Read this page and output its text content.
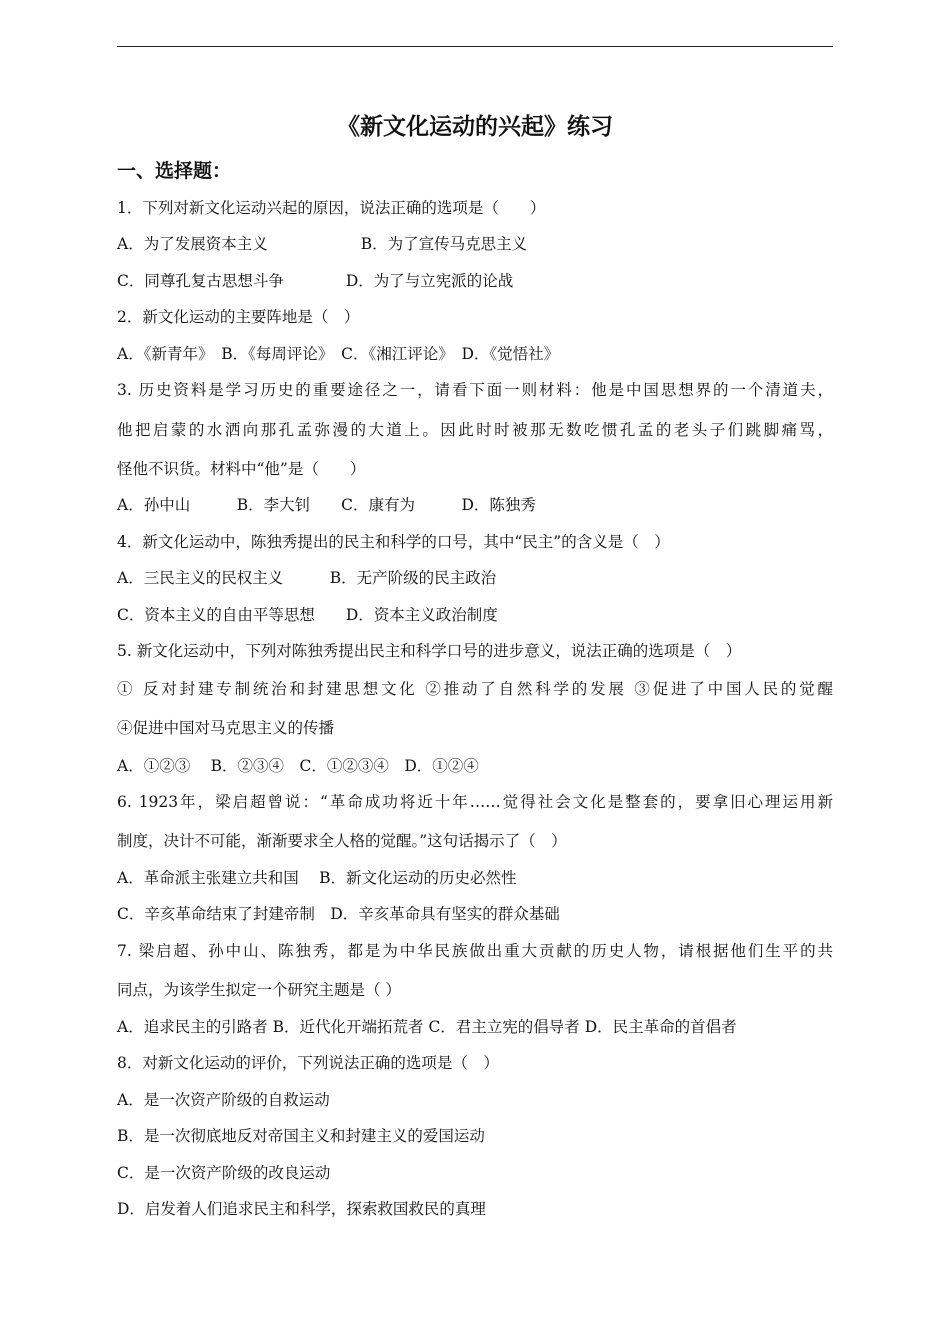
《新文化运动的兴起》练习
一、选择题：
1．下列对新文化运动兴起的原因，说法正确的选项是（　　）
A．为了发展资本主义　　　　　　B．为了宣传马克思主义
C．同尊孔复古思想斗争　　　　D．为了与立宪派的论战
2．新文化运动的主要阵地是（　）
A．《新青年》　B．《每周评论》　C．《湘江评论》　D．《觉悟社》
3. 历史资料是学习历史的重要途径之一，请看下面一则材料：他是中国思想界的一个清道夫，
他把启蒙的水洒向那孔孟弥漫的大道上。因此时时被那无数吃惯孔孟的老头子们跳脚痛骂，
怪他不识货。材料中“他”是（　　）
A．孙中山　　　B．李大钊　　C．康有为　　　D．陈独秀
4．新文化运动中，陈独秀提出的民主和科学的口号，其中“民主”的含义是（　）
A．三民主义的民权主义　　　B．无产阶级的民主政治
C．资本主义的自由平等思想　　D．资本主义政治制度
5. 新文化运动中，下列对陈独秀提出民主和科学口号的进步意义，说法正确的选项是（　）
① 反对封建专制统治和封建思想文化 ②推动了自然科学的发展 ③促进了中国人民的觉醒
④促进中国对马克思主义的传播
A．①②③　 B．②③④　C．①②③④　D．①②④
6. 1923年，梁启超曾说：“革命成功将近十年……觉得社会文化是整套的，要拿旧心理运用新
制度，决计不可能，渐渐要求全人格的觉醒。”这句话揭示了（　）
A．革命派主张建立共和国　 B．新文化运动的历史必然性
C．辛亥革命结束了封建帝制　D．辛亥革命具有坚实的群众基础
7. 梁启超、孙中山、陈独秀，都是为中华民族做出重大贡献的历史人物，请根据他们生平的共
同点，为该学生拟定一个研究主题是（ ）
A．追求民主的引路者 B．近代化开端拓荒者 C．君主立宪的倡导者 D．民主革命的首倡者
8．对新文化运动的评价，下列说法正确的选项是（　）
A．是一次资产阶级的自救运动
B．是一次彻底地反对帝国主义和封建主义的爱国运动
C．是一次资产阶级的改良运动
D．启发着人们追求民主和科学，探索救国救民的真理
